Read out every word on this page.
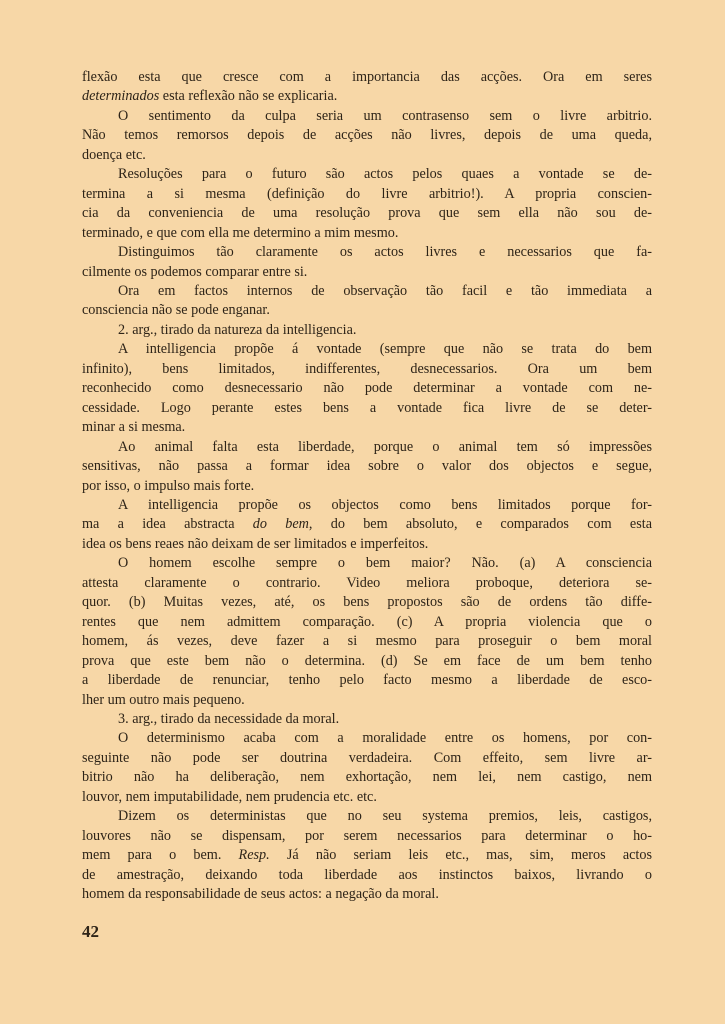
flexão esta que cresce com a importancia das acções. Ora em seres

determinados esta reflexão não se explicaria.

O sentimento da culpa seria um contrasenso sem o livre arbitrio.

Não temos remorsos depois de acções não livres, depois de uma queda,

doença etc.

Resoluções para o futuro são actos pelos quaes a vontade se de-

termina a si mesma (definição do livre arbitrio!). A propria conscien-

cia da conveniencia de uma resolução prova que sem ella não sou de-

terminado, e que com ella me determino a mim mesmo.

Distinguimos tão claramente os actos livres e necessarios que fa-

cilmente os podemos comparar entre si.

Ora em factos internos de observação tão facil e tão immediata a

consciencia não se pode enganar.

2. arg., tirado da natureza da intelligencia.

A intelligencia propõe á vontade (sempre que não se trata do bem

infinito), bens limitados, indifferentes, desnecessarios. Ora um bem

reconhecido como desnecessario não pode determinar a vontade com ne-

cessidade. Logo perante estes bens a vontade fica livre de se deter-

minar a si mesma.

Ao animal falta esta liberdade, porque o animal tem só impressões

sensitivas, não passa a formar idea sobre o valor dos objectos e segue,

por isso, o impulso mais forte.

A intelligencia propõe os objectos como bens limitados porque for-

ma a idea abstracta do bem, do bem absoluto, e comparados com esta

idea os bens reaes não deixam de ser limitados e imperfeitos.

O homem escolhe sempre o bem maior? Não. (a) A consciencia

attesta claramente o contrario. Video meliora proboque, deteriora se-

quor. (b) Muitas vezes, até, os bens propostos são de ordens tão diffe-

rentes que nem admittem comparação. (c) A propria violencia que o

homem, ás vezes, deve fazer a si mesmo para proseguir o bem moral

prova que este bem não o determina. (d) Se em face de um bem tenho

a liberdade de renunciar, tenho pelo facto mesmo a liberdade de esco-

lher um outro mais pequeno.

3. arg., tirado da necessidade da moral.

O determinismo acaba com a moralidade entre os homens, por con-

seguinte não pode ser doutrina verdadeira. Com effeito, sem livre ar-

bitrio não ha deliberação, nem exhortação, nem lei, nem castigo, nem

louvor, nem imputabilidade, nem prudencia etc. etc.

Dizem os deterministas que no seu systema premios, leis, castigos,

louvores não se dispensam, por serem necessarios para determinar o ho-

mem para o bem. Resp. Já não seriam leis etc., mas, sim, meros actos

de amestração, deixando toda liberdade aos instinctos baixos, livrando o

homem da responsabilidade de seus actos: a negação da moral.

42
